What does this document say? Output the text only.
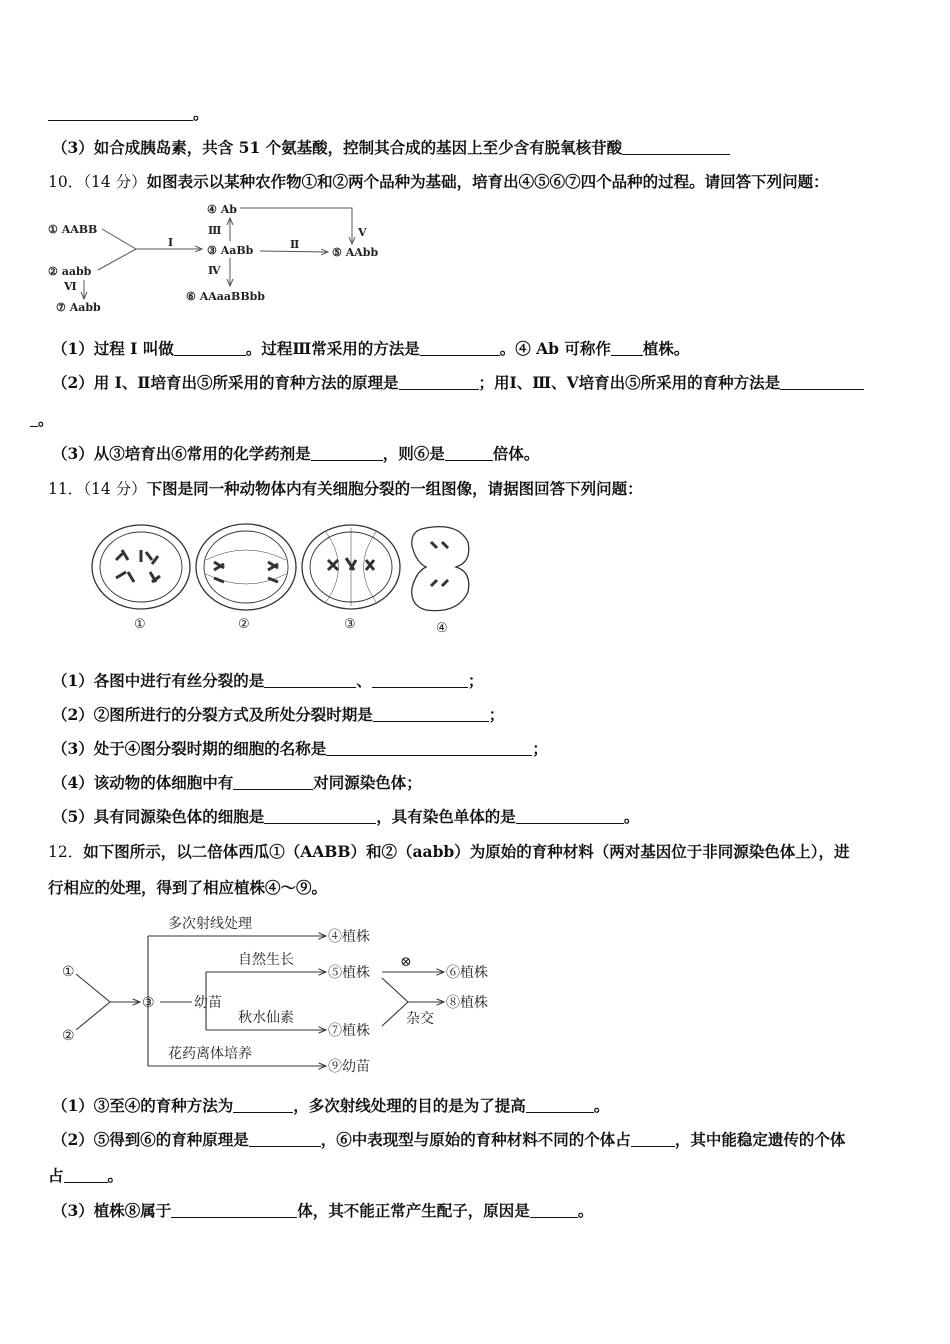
。
（3）如合成胰岛素，共含 51 个氨基酸，控制其合成的基因上至少含有脱氧核苷酸
10．（14 分）如图表示以某种农作物①和②两个品种为基础，培育出④⑤⑥⑦四个品种的过程。请回答下列问题：
① AABB
② aabb
④ Ab
③ AaBb	⑤ AAbb
⑥ AAaaBBbb
⑦ Aabb
Ⅰ	Ⅱ
Ⅲ
Ⅳ
Ⅴ
Ⅵ
（1）过程 I 叫做	。过程Ⅲ常采用的方法是	。④ Ab 可称作 植株。
（2）用 I、Ⅱ培育出⑤所采用的育种方法的原理是	；用Ⅰ、Ⅲ、Ⅴ培育出⑤所采用的育种方法是
。
（3）从③培育出⑥常用的化学药剂是	，则⑥是	倍体。
11．（14 分）下图是同一种动物体内有关细胞分裂的一组图像，请据图回答下列问题：
①	②	③	④
（1）各图中进行有丝分裂的是	、	；
（2）②图所进行的分裂方式及所处分裂时期是	；
（3）处于④图分裂时期的细胞的名称是	；
（4）该动物的体细胞中有	对同源染色体；
（5）具有同源染色体的细胞是	，具有染色单体的是	。
12．如下图所示，以二倍体西瓜①（AABB）和②（aabb）为原始的育种材料（两对基因位于非同源染色体上），进
行相应的处理，得到了相应植株④～⑨。
①
②
③
多次射线处理
自然生长
秋水仙素
花药离体培养
④植株
⑤植株
⑦植株
⑨幼苗
⊗
杂交
⑥植株
⑧植株
幼苗
（1）③至④的育种方法为	，多次射线处理的目的是为了提高	。
（2）⑤得到⑥的育种原理是	，⑥中表现型与原始的育种材料不同的个体占	，其中能稳定遗传的个体
占	。
（3）植株⑧属于	体，其不能正常产生配子，原因是	。
